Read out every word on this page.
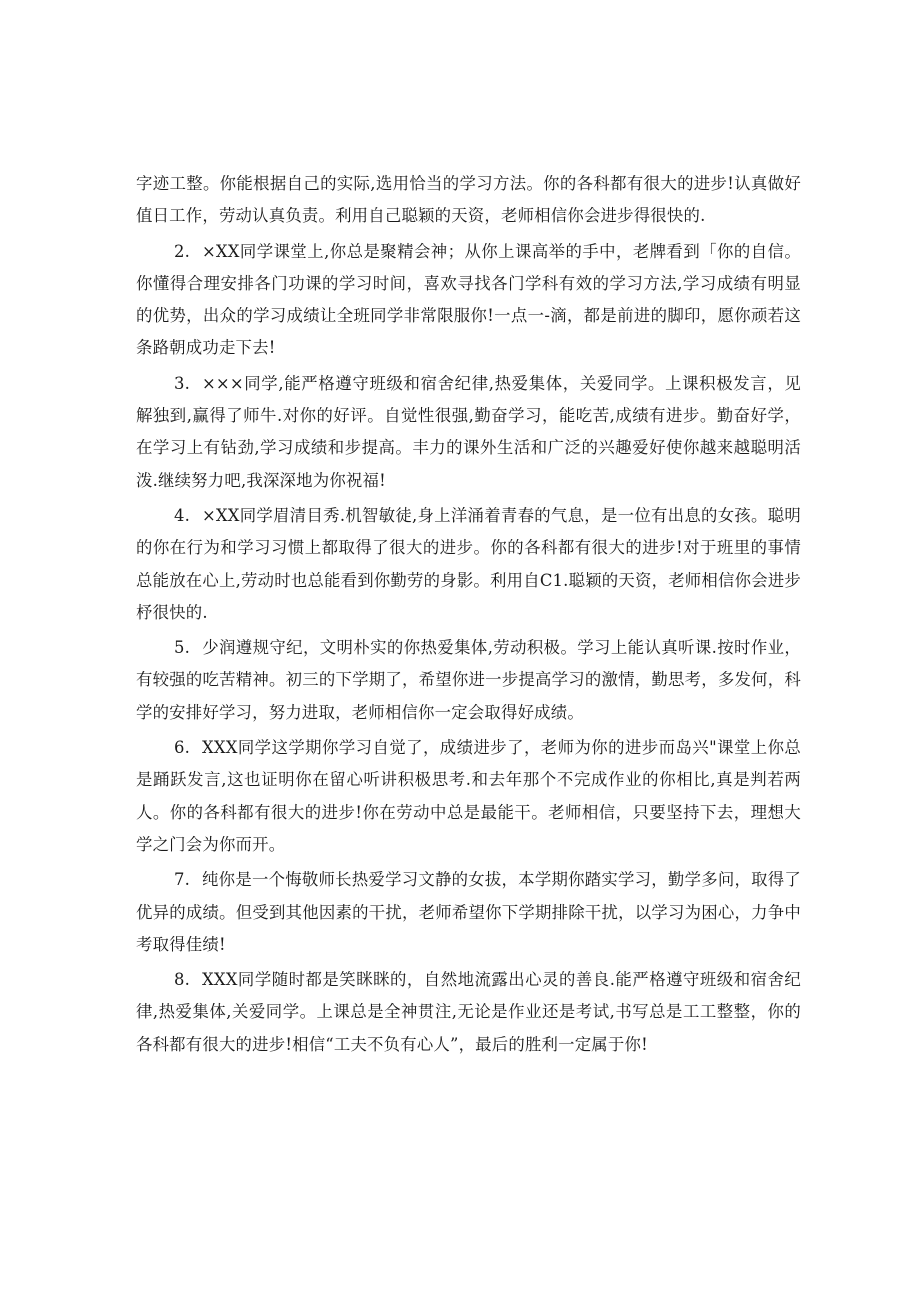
字迹工整。你能根据自己的实际,选用恰当的学习方法。你的各科都有很大的进步!认真做好值日工作，劳动认真负责。利用自己聪颖的天资，老师相信你会进步得很快的.

2. ×XX同学课堂上,你总是聚精会神；从你上课高举的手中，老牌看到「你的自信。你懂得合理安排各门功课的学习时间，喜欢寻找各门学科有效的学习方法,学习成绩有明显的优势，出众的学习成绩让全班同学非常限服你!一点一-滴，都是前进的脚印，愿你顽若这条路朝成功走下去!

3. ×××同学,能严格遵守班级和宿舍纪律,热爱集体，关爱同学。上课积极发言，见解独到,赢得了师牛.对你的好评。自觉性很强,勤奋学习，能吃苦,成绩有进步。勤奋好学，在学习上有钻劲,学习成绩和步提高。丰力的课外生活和广泛的兴趣爱好使你越来越聪明活泼.继续努力吧,我深深地为你祝福!

4. ×XX同学眉清目秀.机智敏徒,身上洋涌着青春的气息，是一位有出息的女孩。聪明的你在行为和学习习惯上都取得了很大的进步。你的各科都有很大的进步!对于班里的事情总能放在心上,劳动时也总能看到你勤劳的身影。利用自C1.聪颖的天资，老师相信你会进步杼很快的.

5. 少润遵规守纪，文明朴实的你热爱集体,劳动积极。学习上能认真听课.按时作业，有较强的吃苦精神。初三的下学期了，希望你进一步提高学习的激情，勤思考，多发何，科学的安排好学习，努力进取，老师相信你一定会取得好成绩。

6. XXX同学这学期你学习自觉了，成绩进步了，老师为你的进步而岛兴"课堂上你总是踊跃发言,这也证明你在留心听讲积极思考.和去年那个不完成作业的你相比,真是判若两人。你的各科都有很大的进步!你在劳动中总是最能干。老师相信，只要坚持下去，理想大学之门会为你而开。

7. 纯你是一个悔敬师长热爱学习文静的女拔，本学期你踏实学习，勤学多问，取得了优异的成绩。但受到其他因素的干扰，老师希望你下学期排除干扰，以学习为困心，力争中考取得佳绩!

8. XXX同学随时都是笑眯眯的，自然地流露出心灵的善良.能严格遵守班级和宿舍纪律,热爱集体,关爱同学。上课总是全神贯注,无论是作业还是考试,书写总是工工整整，你的各科都有很大的进步!相信“工夫不负有心人”，最后的胜利一定属于你!
